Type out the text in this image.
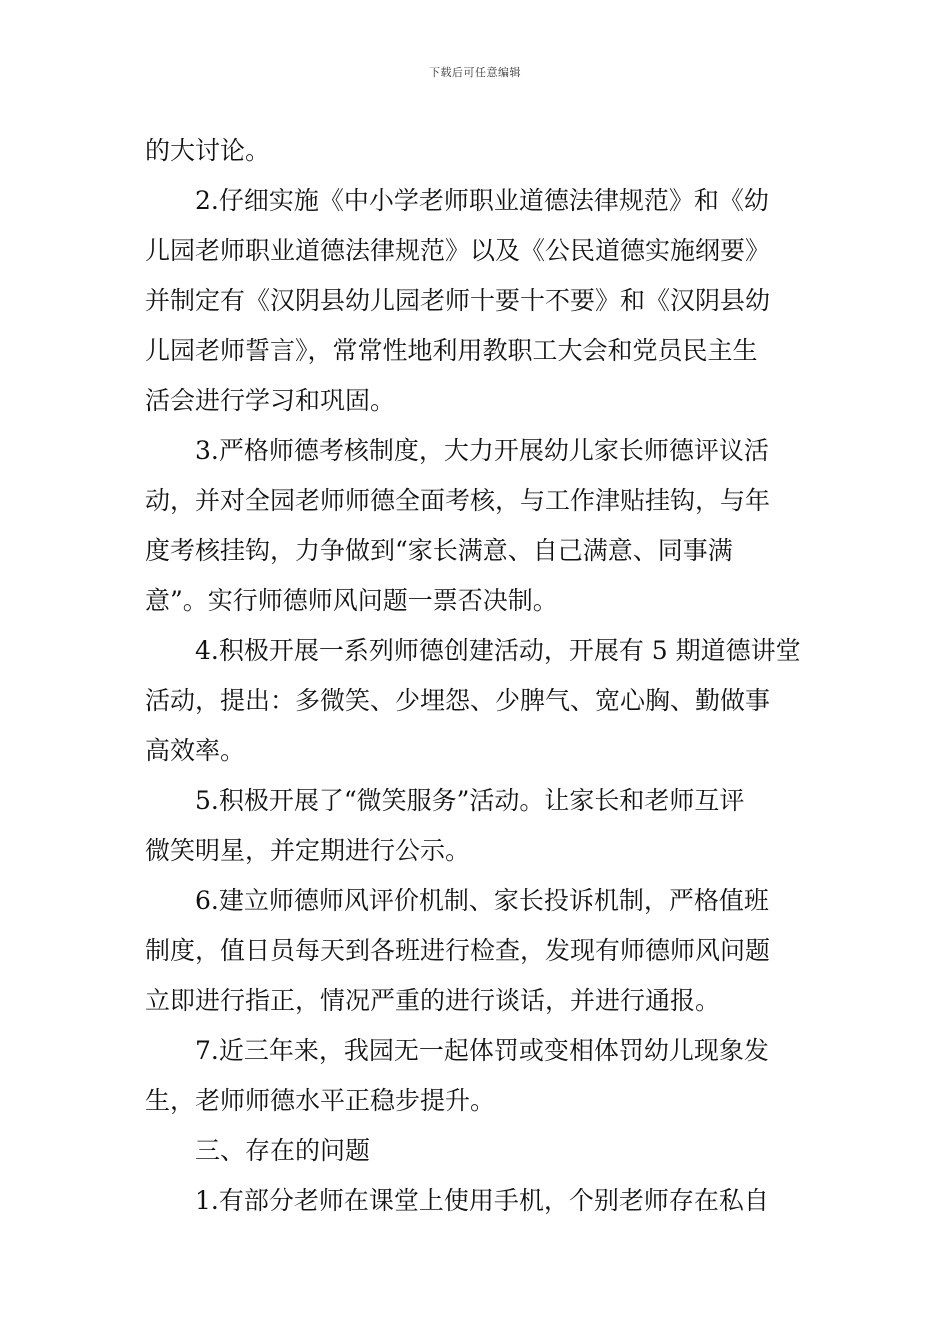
下载后可任意编辑
的大讨论。
2.仔细实施《中小学老师职业道德法律规范》和《幼
儿园老师职业道德法律规范》以及《公民道德实施纲要》
并制定有《汉阴县幼儿园老师十要十不要》和《汉阴县幼
儿园老师誓言》，常常性地利用教职工大会和党员民主生
活会进行学习和巩固。
3.严格师德考核制度，大力开展幼儿家长师德评议活
动，并对全园老师师德全面考核，与工作津贴挂钩，与年
度考核挂钩，力争做到“家长满意、自己满意、同事满
意”。实行师德师风问题一票否决制。
4.积极开展一系列师德创建活动，开展有 5 期道德讲堂
活动，提出：多微笑、少埋怨、少脾气、宽心胸、勤做事
高效率。
5.积极开展了“微笑服务”活动。让家长和老师互评
微笑明星，并定期进行公示。
6.建立师德师风评价机制、家长投诉机制，严格值班
制度，值日员每天到各班进行检查，发现有师德师风问题
立即进行指正，情况严重的进行谈话，并进行通报。
7.近三年来，我园无一起体罚或变相体罚幼儿现象发
生，老师师德水平正稳步提升。
三、存在的问题
1.有部分老师在课堂上使用手机，个别老师存在私自
